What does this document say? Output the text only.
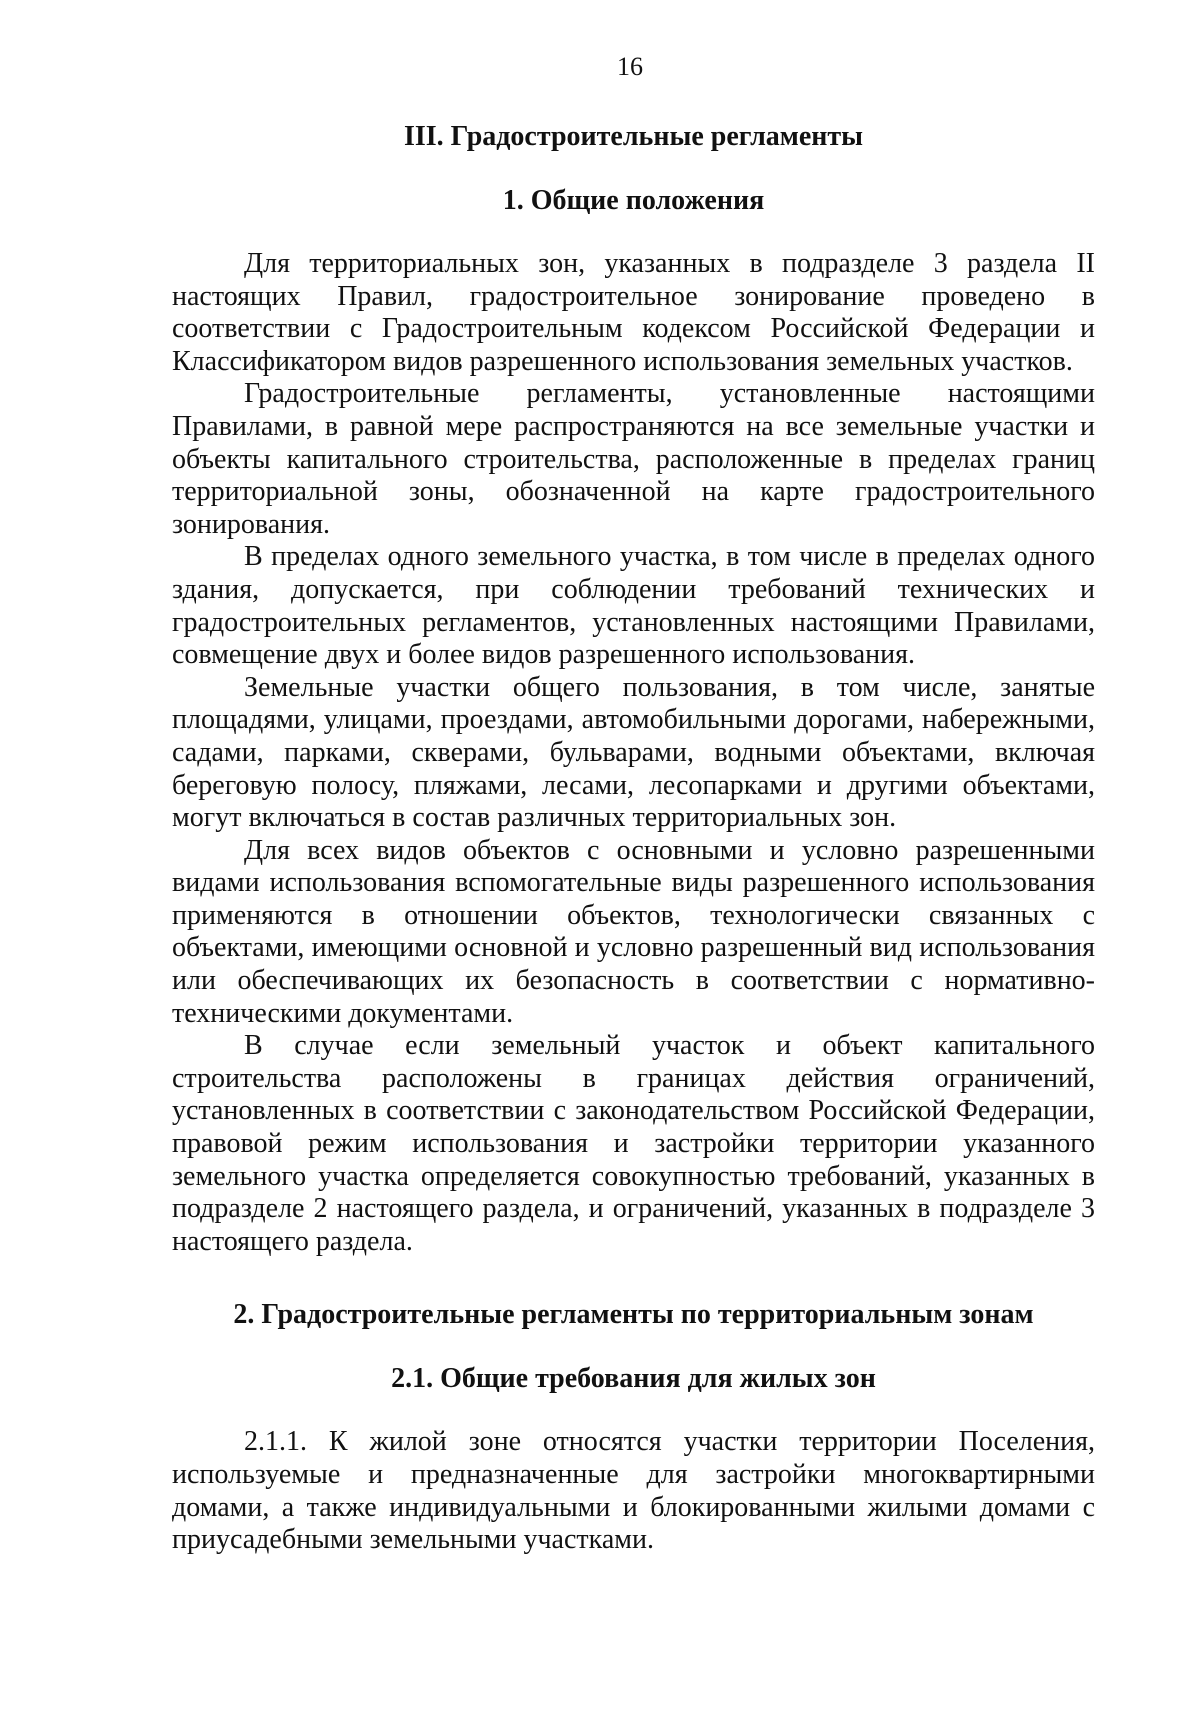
16
III. Градостроительные регламенты
1. Общие положения

Для территориальных зон, указанных в подразделе 3 раздела II настоящих Правил, градостроительное зонирование проведено в соответствии с Градостроительным кодексом Российской Федерации и Классификатором видов разрешенного использования земельных участков.

Градостроительные регламенты, установленные настоящими Правилами, в равной мере распространяются на все земельные участки и объекты капитального строительства, расположенные в пределах границ территориальной зоны, обозначенной на карте градостроительного зонирования.

В пределах одного земельного участка, в том числе в пределах одного здания, допускается, при соблюдении требований технических и градостроительных регламентов, установленных настоящими Правилами, совмещение двух и более видов разрешенного использования.

Земельные участки общего пользования, в том числе, занятые площадями, улицами, проездами, автомобильными дорогами, набережными, садами, парками, скверами, бульварами, водными объектами, включая береговую полосу, пляжами, лесами, лесопарками и другими объектами, могут включаться в состав различных территориальных зон.

Для всех видов объектов с основными и условно разрешенными видами использования вспомогательные виды разрешенного использования применяются в отношении объектов, технологически связанных с объектами, имеющими основной и условно разрешенный вид использования или обеспечивающих их безопасность в соответствии с нормативно-техническими документами.

В случае если земельный участок и объект капитального строительства расположены в границах действия ограничений, установленных в соответствии с законодательством Российской Федерации, правовой режим использования и застройки территории указанного земельного участка определяется совокупностью требований, указанных в подразделе 2 настоящего раздела, и ограничений, указанных в подразделе 3 настоящего раздела.

2. Градостроительные регламенты по территориальным зонам
2.1. Общие требования для жилых зон

2.1.1. К жилой зоне относятся участки территории Поселения, используемые и предназначенные для застройки многоквартирными домами, а также индивидуальными и блокированными жилыми домами с приусадебными земельными участками.
